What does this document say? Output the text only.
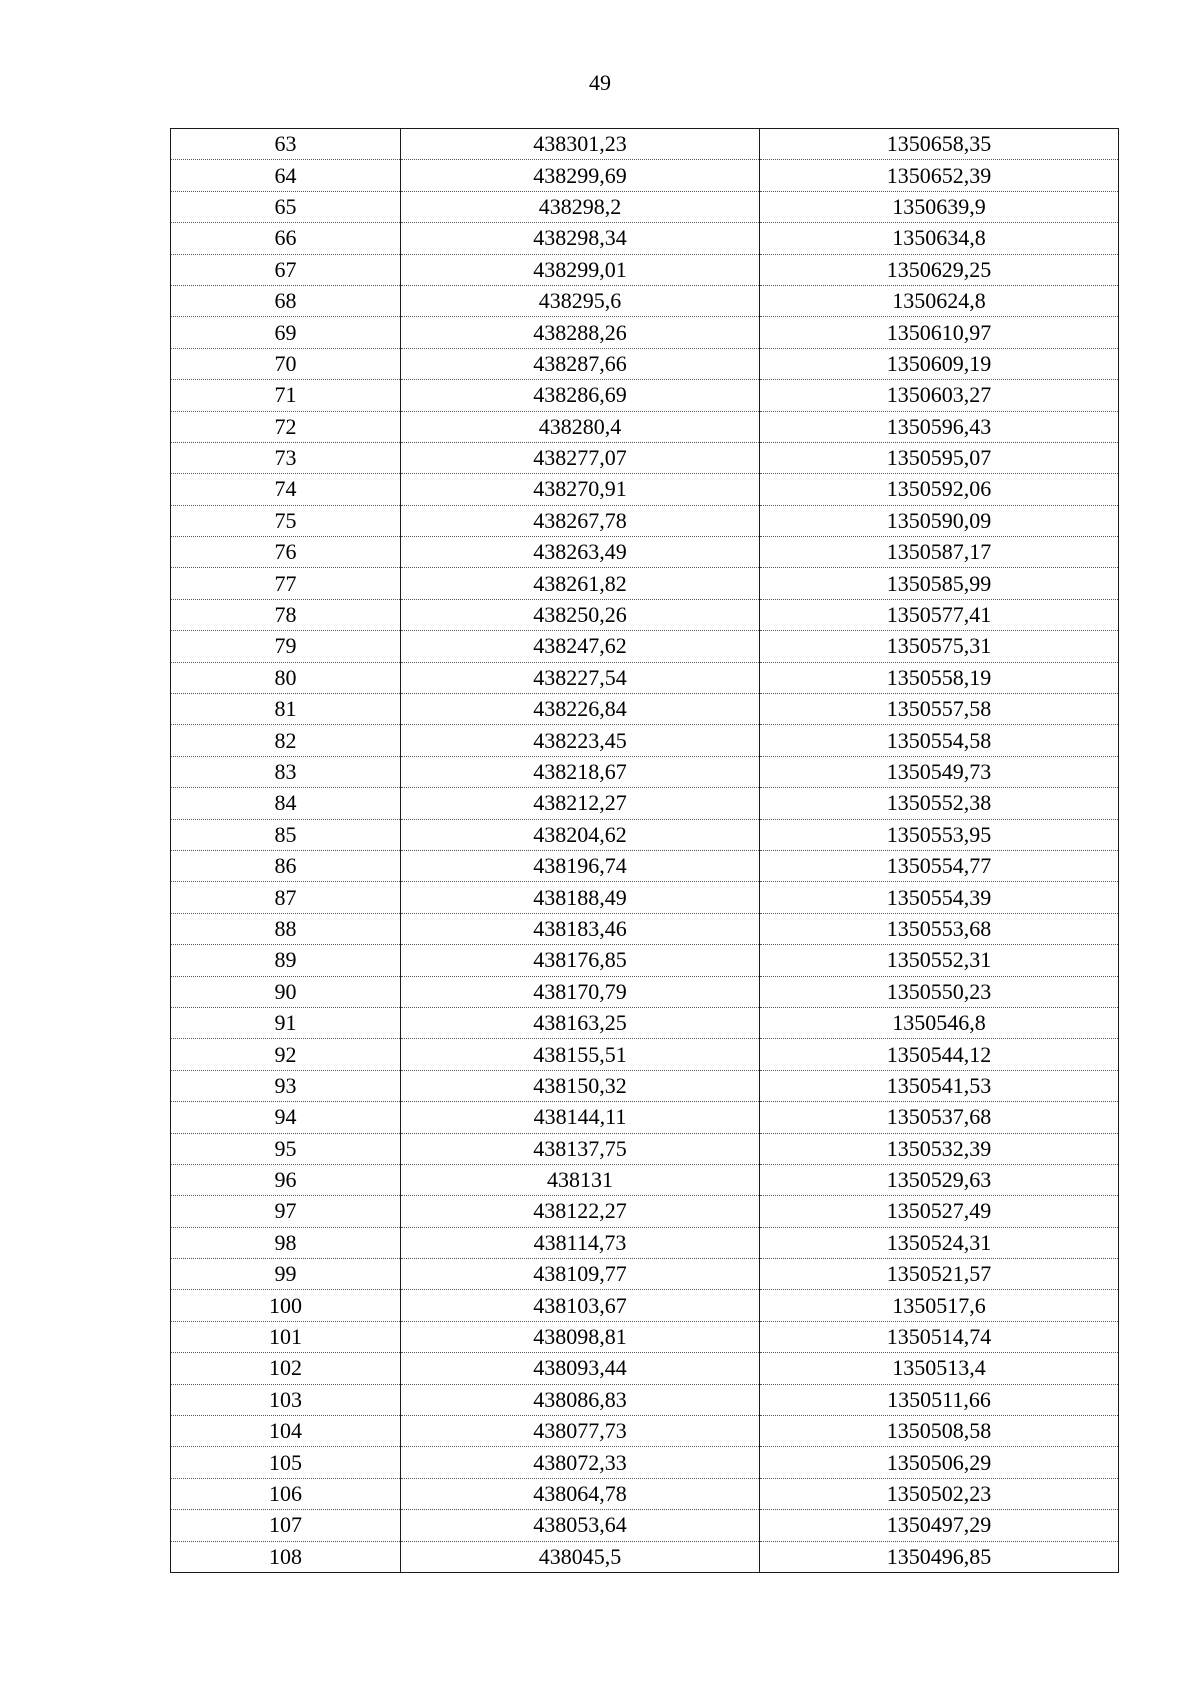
49
63	438301,23	1350658,35
64	438299,69	1350652,39
65	438298,2	1350639,9
66	438298,34	1350634,8
67	438299,01	1350629,25
68	438295,6	1350624,8
69	438288,26	1350610,97
70	438287,66	1350609,19
71	438286,69	1350603,27
72	438280,4	1350596,43
73	438277,07	1350595,07
74	438270,91	1350592,06
75	438267,78	1350590,09
76	438263,49	1350587,17
77	438261,82	1350585,99
78	438250,26	1350577,41
79	438247,62	1350575,31
80	438227,54	1350558,19
81	438226,84	1350557,58
82	438223,45	1350554,58
83	438218,67	1350549,73
84	438212,27	1350552,38
85	438204,62	1350553,95
86	438196,74	1350554,77
87	438188,49	1350554,39
88	438183,46	1350553,68
89	438176,85	1350552,31
90	438170,79	1350550,23
91	438163,25	1350546,8
92	438155,51	1350544,12
93	438150,32	1350541,53
94	438144,11	1350537,68
95	438137,75	1350532,39
96	438131	1350529,63
97	438122,27	1350527,49
98	438114,73	1350524,31
99	438109,77	1350521,57
100	438103,67	1350517,6
101	438098,81	1350514,74
102	438093,44	1350513,4
103	438086,83	1350511,66
104	438077,73	1350508,58
105	438072,33	1350506,29
106	438064,78	1350502,23
107	438053,64	1350497,29
108	438045,5	1350496,85
